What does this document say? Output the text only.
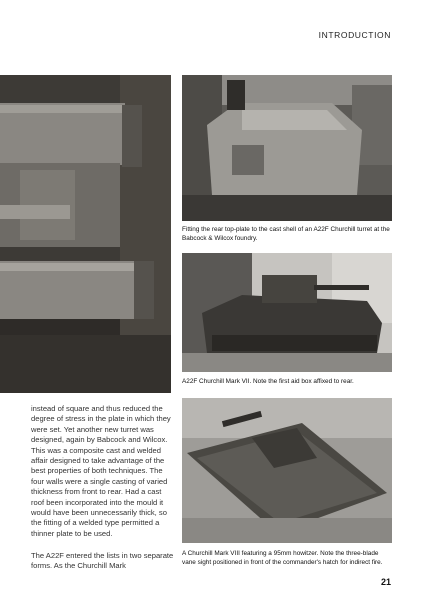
INTRODUCTION
Fitting the rear top-plate to the cast shell of an A22F Churchill turret at the Babcock & Wilcox foundry.
A22F Churchill Mark VII. Note the first aid box affixed to rear.
A Churchill Mark VIII featuring a 95mm howitzer. Note the three-blade vane sight positioned in front of the commander's hatch for indirect fire.

instead of square and thus reduced the degree of stress in the plate in which they were set. Yet another new turret was designed, again by Babcock and Wilcox. This was a composite cast and welded affair designed to take advantage of the best properties of both techniques. The four walls were a single casting of varied thickness from front to rear. Had a cast roof been incorporated into the mould it would have been unnecessarily thick, so the fitting of a welded type permitted a thinner plate to be used.

The A22F entered the lists in two separate forms. As the Churchill Mark

21
